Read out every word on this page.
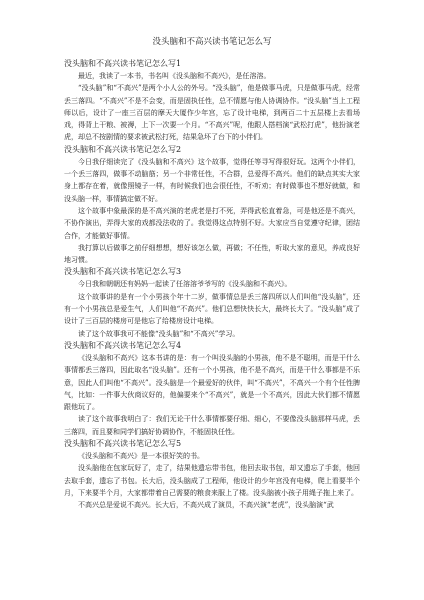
没头脑和不高兴读书笔记怎么写

没头脑和不高兴读书笔记怎么写1

最近，我读了一本书，书名叫《没头脑和不高兴》，是任溶溶。

“没头脑”和“不高兴”是两个小人公的外号。“没头脑”，他是做事马虎，只是做事马虎，经常丢三落四。“不高兴”不是不会变，而是固执任性，总不情愿与他人协调协作。“没头脑”当上工程师以后，设计了一座三百层的摩天大厦作少年宫，忘了设计电梯，到两百二十五层楼上去看场戏，得背上干粮、被褥，上下一次要一个月。“不高兴”呢，他跟人搭档演“武松打虎”，他扮演老虎，却总不按剧情的要求被武松打死，结果急坏了台下的小伴们。

没头脑和不高兴读书笔记怎么写2

今日我仔细读完了《没头脑和不高兴》这个故事，觉得任等寻写得很好玩。这两个小伴们，一个丢三落四，做事不动脑筋；另一个非常任性，不合群，总爱得不高兴。他们的缺点其实大家身上都存在着，就像照镜子一样，有时候我们也会很任性，不听劝；有时做事也不想好就做，和没头脑一样，事情搞定做不好。

这个故事中象最深的是不高兴演的老虎老是打不死，弄得武松直着急，可是他还是不高兴，不协作演出，弄得大家的戏都没法收的了。我觉得这点特别不好。大家应当自觉遵守纪律，团结合作，才能做好事情。

我打算以后做事之前仔细想想，想好该怎么做，再做；不任性，听取大家的意见，养成良好地习惯。

没头脑和不高兴读书笔记怎么写3

今日我和朝朝还有妈妈一起读了任溶溶爷爷写的《没头脑和不高兴》。

这个故事讲的是有一个小男孩个年十二岁，做事情总是丢三落四所以人们叫他“没头脑”，还有一个小男孩总是爱生气，人们叫他“不高兴”。他们总想快快长大，最终长大了。“没头脑”成了设计了三百层的楼房可是他忘了给楼房设计电梯。

读了这个故事我可不能像“没头脑”和“不高兴”学习。

没头脑和不高兴读书笔记怎么写4

《没头脑和不高兴》这本书讲的是：有一个叫没头脑的小男孩，他不是不聪明，而是干什么事情都丢三落四，因此取名“没头脑”。还有一个小男孩，他不是不高兴，而是干什么事都是不乐意，因此人们叫他“不高兴”。没头脑是一个最爱好的伙伴，叫“不高兴”，不高兴一个有个任性脾气，比如：一件事大伙商议好的，他偏要来个“不高兴”，就是一个不高兴，因此大伙们都不情愿跟他玩了。

读了这个故事我明白了：我们无论干什么事情都要仔细、细心，不要像没头脑那样马虎，丢三落四，而且要和同学们搞好协调协作，不能固执任性。

没头脑和不高兴读书笔记怎么写5

《没头脑和不高兴》是一本很好笑的书。

没头脑他在包家玩好了，走了，结果他遗忘带书包，他回去取书包，却又遗忘了手套，他回去取手套，遗忘了书包。长大后，没头脑成了工程师，他设计的少年宫没有电梯，爬上看要半个月，下来要半个月，大家都带着自己需要的粮食来服上了楼。没头脑被小孩子用绳子拖上来了。

不高兴总是爱说不高兴。长大后，不高兴成了演员，不高兴演“老虎”，没头脑演“武
